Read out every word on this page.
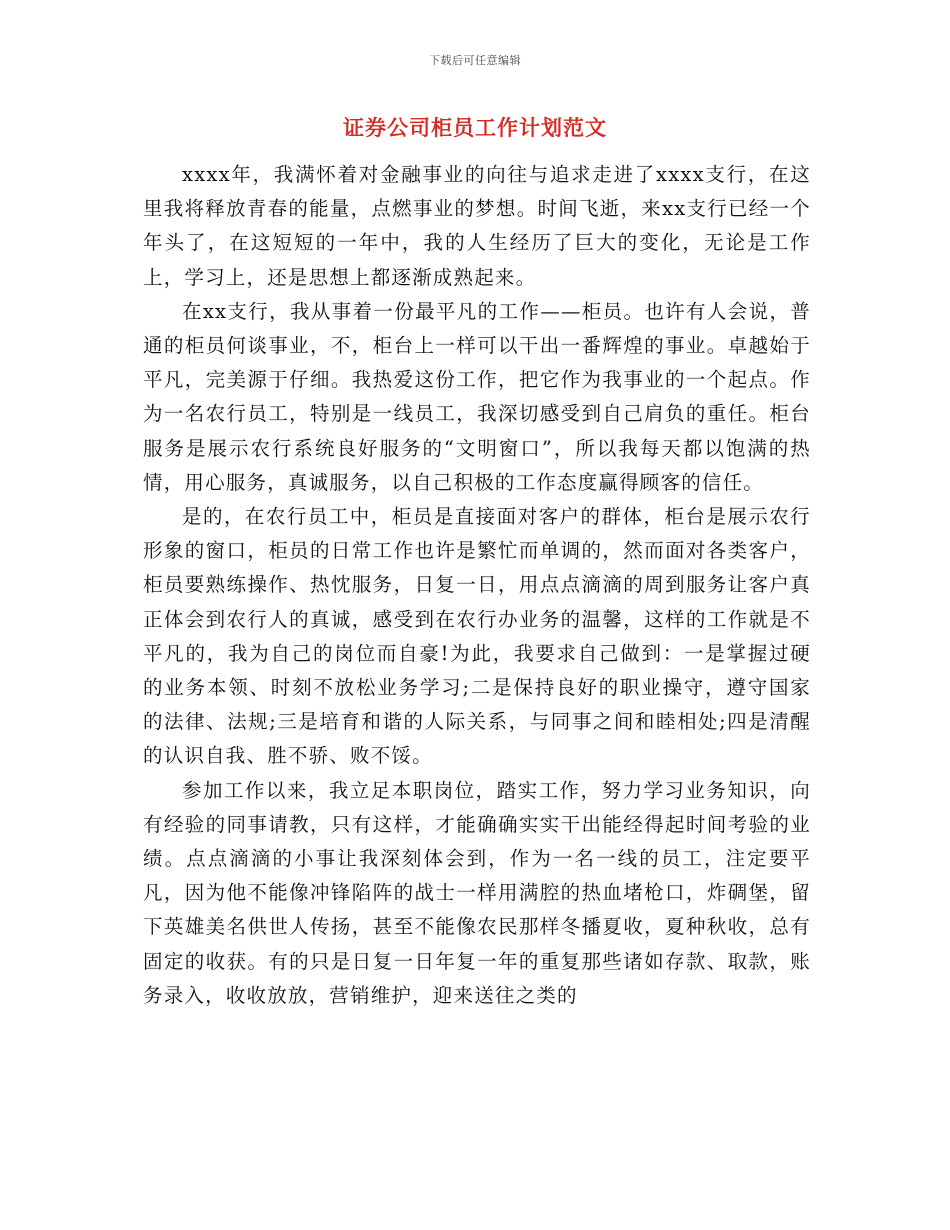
下载后可任意编辑
证券公司柜员工作计划范文

xxxx年，我满怀着对金融事业的向往与追求走进了xxxx支行，在这里我将释放青春的能量，点燃事业的梦想。时间飞逝，来xx支行已经一个年头了，在这短短的一年中，我的人生经历了巨大的变化，无论是工作上，学习上，还是思想上都逐渐成熟起来。

在xx支行，我从事着一份最平凡的工作——柜员。也许有人会说，普通的柜员何谈事业，不，柜台上一样可以干出一番辉煌的事业。卓越始于平凡，完美源于仔细。我热爱这份工作，把它作为我事业的一个起点。作为一名农行员工，特别是一线员工，我深切感受到自己肩负的重任。柜台服务是展示农行系统良好服务的“文明窗口”，所以我每天都以饱满的热情，用心服务，真诚服务，以自己积极的工作态度赢得顾客的信任。

是的，在农行员工中，柜员是直接面对客户的群体，柜台是展示农行形象的窗口，柜员的日常工作也许是繁忙而单调的，然而面对各类客户，柜员要熟练操作、热忱服务，日复一日，用点点滴滴的周到服务让客户真正体会到农行人的真诚，感受到在农行办业务的温馨，这样的工作就是不平凡的，我为自己的岗位而自豪!为此，我要求自己做到：一是掌握过硬的业务本领、时刻不放松业务学习;二是保持良好的职业操守，遵守国家的法律、法规;三是培育和谐的人际关系，与同事之间和睦相处;四是清醒的认识自我、胜不骄、败不馁。

参加工作以来，我立足本职岗位，踏实工作，努力学习业务知识，向有经验的同事请教，只有这样，才能确确实实干出能经得起时间考验的业绩。点点滴滴的小事让我深刻体会到，作为一名一线的员工，注定要平凡，因为他不能像冲锋陷阵的战士一样用满腔的热血堵枪口，炸碉堡，留下英雄美名供世人传扬，甚至不能像农民那样冬播夏收，夏种秋收，总有固定的收获。有的只是日复一日年复一年的重复那些诸如存款、取款，账务录入，收收放放，营销维护，迎来送往之类的
